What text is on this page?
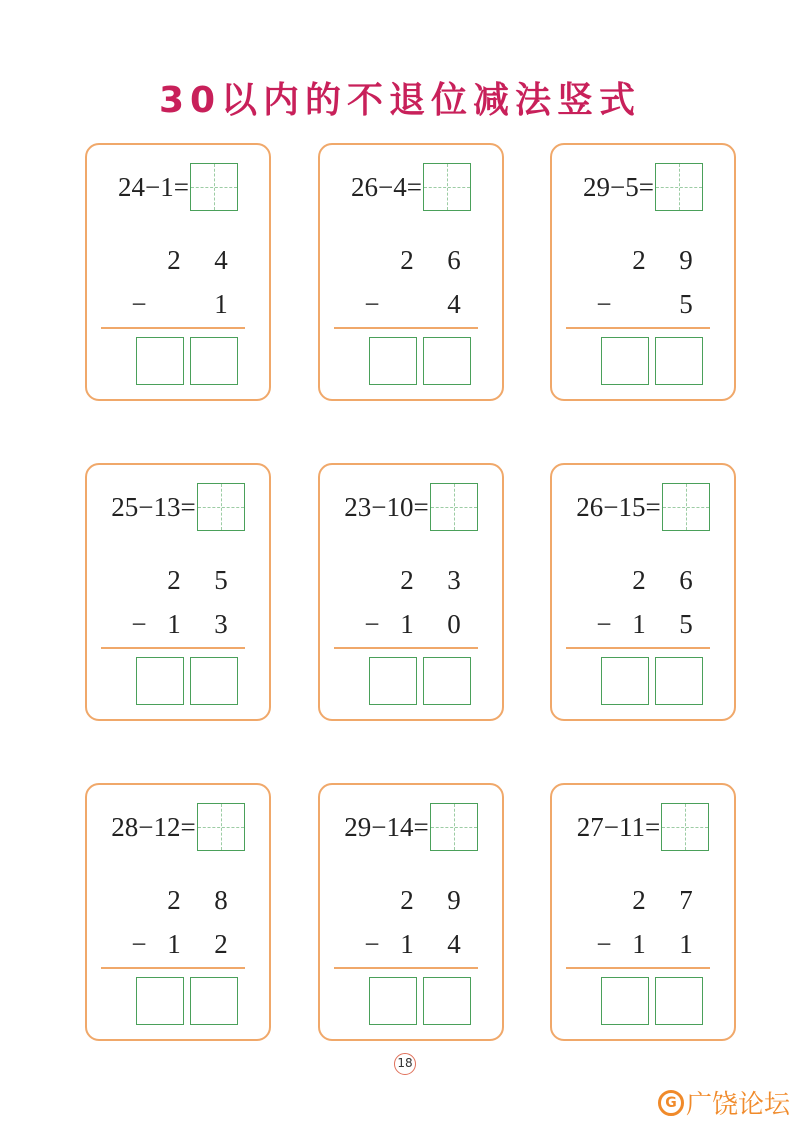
30以内的不退位减法竖式
24−1=
2 4
−	1
26−4=
2 6
−	4
29−5=
2 9
−	5
25−13=
2 5
− 1 3
23−10=
2 3
− 1 0
26−15=
2 6
− 1 5
28−12=
2 8
− 1 2
29−14=
2 9
− 1 4
27−11=
2 7
− 1 1
18
G 广饶论坛
